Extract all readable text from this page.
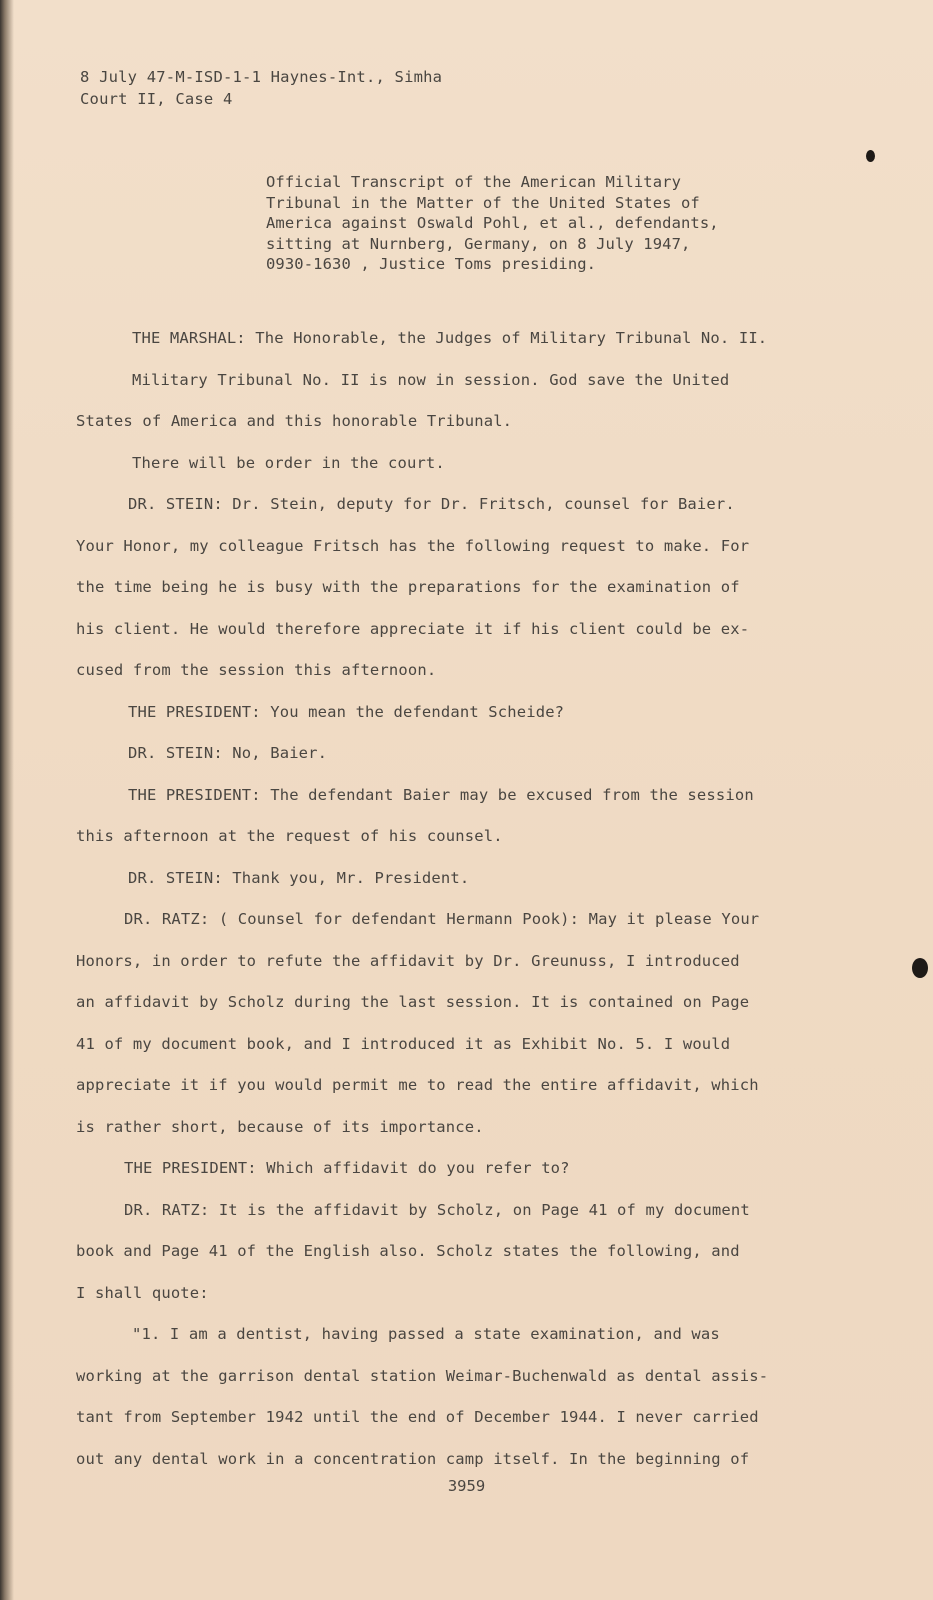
8 July 47-M-ISD-1-1 Haynes-Int., Simha
Court II, Case 4
Official Transcript of the American Military
Tribunal in the Matter of the United States of
America against Oswald Pohl, et al., defendants,
sitting at Nurnberg, Germany, on 8 July 1947,
0930-1630 , Justice Toms presiding.
THE MARSHAL: The Honorable, the Judges of Military Tribunal No. II.
Military Tribunal No. II is now in session. God save the United
States of America and this honorable Tribunal.
There will be order in the court.
DR. STEIN: Dr. Stein, deputy for Dr. Fritsch, counsel for Baier.
Your Honor, my colleague Fritsch has the following request to make. For
the time being he is busy with the preparations for the examination of
his client. He would therefore appreciate it if his client could be ex-
cused from the session this afternoon.
THE PRESIDENT: You mean the defendant Scheide?
DR. STEIN: No, Baier.
THE PRESIDENT: The defendant Baier may be excused from the session
this afternoon at the request of his counsel.
DR. STEIN: Thank you, Mr. President.
DR. RATZ: ( Counsel for defendant Hermann Pook): May it please Your
Honors, in order to refute the affidavit by Dr. Greunuss, I introduced
an affidavit by Scholz during the last session. It is contained on Page
41 of my document book, and I introduced it as Exhibit No. 5. I would
appreciate it if you would permit me to read the entire affidavit, which
is rather short, because of its importance.
THE PRESIDENT: Which affidavit do you refer to?
DR. RATZ: It is the affidavit by Scholz, on Page 41 of my document
book and Page 41 of the English also. Scholz states the following, and
I shall quote:
"1. I am a dentist, having passed a state examination, and was
working at the garrison dental station Weimar-Buchenwald as dental assis-
tant from September 1942 until the end of December 1944. I never carried
out any dental work in a concentration camp itself. In the beginning of
3959
